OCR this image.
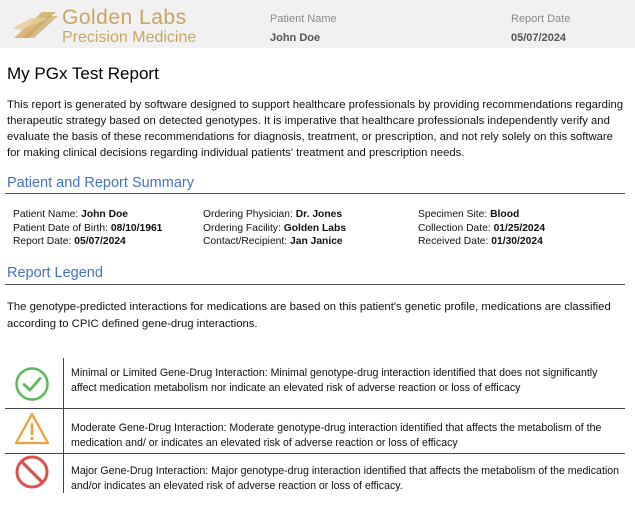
Golden Labs
Precision Medicine
Patient Name
John Doe
Report Date
05/07/2024
My PGx Test Report
This report is generated by software designed to support healthcare professionals by providing recommendations regarding therapeutic strategy based on detected genotypes. It is imperative that healthcare professionals independently verify and evaluate the basis of these recommendations for diagnosis, treatment, or prescription, and not rely solely on this software for making clinical decisions regarding individual patients' treatment and prescription needs.
Patient and Report Summary
Patient Name: John Doe
Patient Date of Birth: 08/10/1961
Report Date: 05/07/2024
Ordering Physician: Dr. Jones
Ordering Facility: Golden Labs
Contact/Recipient: Jan Janice
Specimen Site: Blood
Collection Date: 01/25/2024
Received Date: 01/30/2024
Report Legend
The genotype-predicted interactions for medications are based on this patient's genetic profile, medications are classified according to CPIC defined gene-drug interactions.
Minimal or Limited Gene-Drug Interaction: Minimal genotype-drug interaction identified that does not significantly affect medication metabolism nor indicate an elevated risk of adverse reaction or loss of efficacy
Moderate Gene-Drug Interaction: Moderate genotype-drug interaction identified that affects the metabolism of the medication and/ or indicates an elevated risk of adverse reaction or loss of efficacy
Major Gene-Drug Interaction: Major genotype-drug interaction identified that affects the metabolism of the medication and/or indicates an elevated risk of adverse reaction or loss of efficacy.
